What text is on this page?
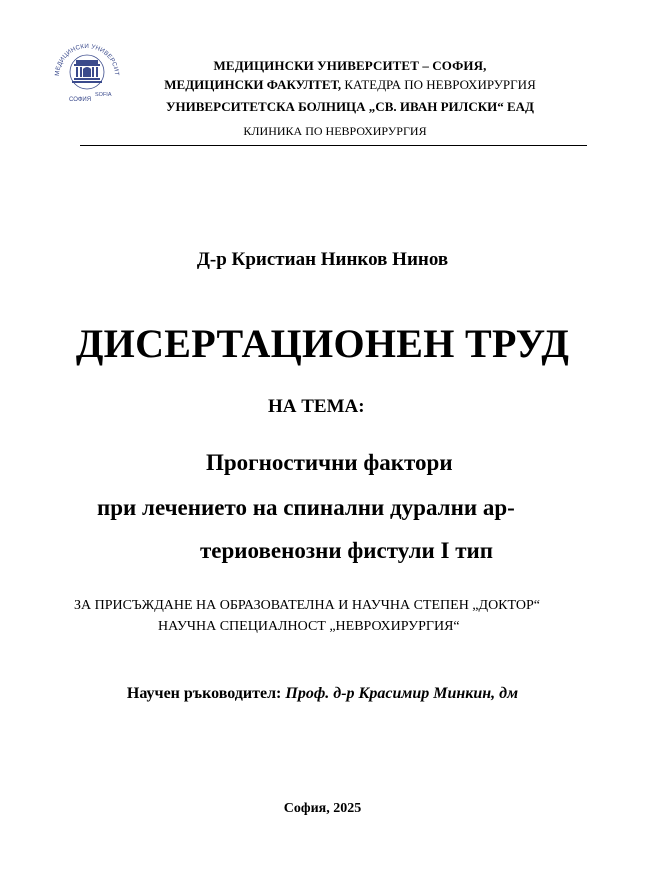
МЕДИЦИНСКИ УНИВЕРСИТ
СОФИЯ
SOFIA
МЕДИЦИНСКИ УНИВЕРСИТЕТ – СОФИЯ,
МЕДИЦИНСКИ ФАКУЛТЕТ, КАТЕДРА ПО НЕВРОХИРУРГИЯ
УНИВЕРСИТЕТСКА БОЛНИЦА „СВ. ИВАН РИЛСКИ“ ЕАД
КЛИНИКА ПО НЕВРОХИРУРГИЯ
Д-р Кристиан Нинков Нинов
ДИСЕРТАЦИОНЕН ТРУД
НА ТЕМА:
Прогностични фактори
при лечението на спинални дурални ар-
териовенозни фистули I тип
ЗА ПРИСЪЖДАНЕ НА ОБРАЗОВАТЕЛНА И НАУЧНА СТЕПЕН „ДОКТОР“
НАУЧНА СПЕЦИАЛНОСТ „НЕВРОХИРУРГИЯ“
Научен ръководител: Проф. д-р Красимир Минкин, дм
София, 2025
